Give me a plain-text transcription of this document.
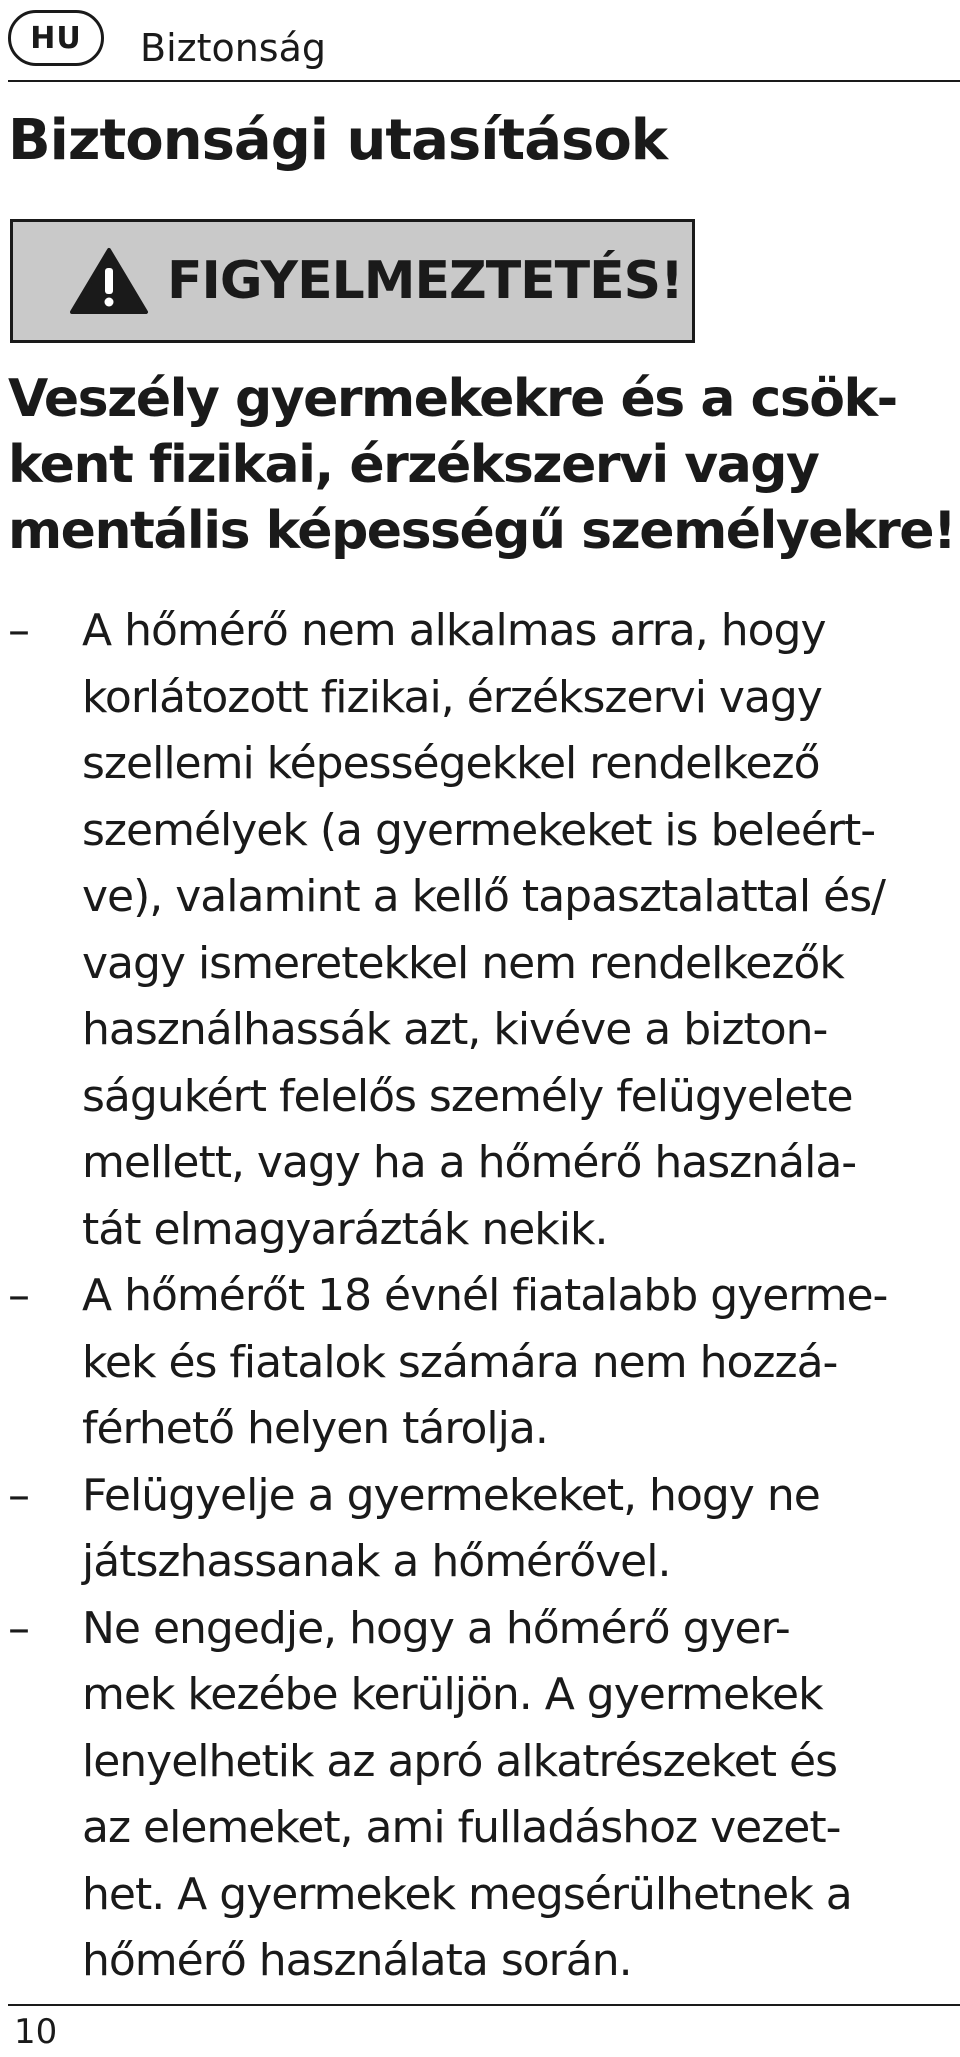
HU Biztonság
Biztonsági utasítások
FIGYELMEZTETÉS!
Veszély gyermekekre és a csök-
kent fizikai, érzékszervi vagy
mentális képességű személyekre!
–	A hőmérő nem alkalmas arra, hogy
korlátozott fizikai, érzékszervi vagy
szellemi képességekkel rendelkező
személyek (a gyermekeket is beleért-
ve), valamint a kellő tapasztalattal és/
vagy ismeretekkel nem rendelkezők
használhassák azt, kivéve a bizton-
ságukért felelős személy felügyelete
mellett, vagy ha a hőmérő használa-
tát elmagyarázták nekik.
–	A hőmérőt 18 évnél fiatalabb gyerme-
kek és fiatalok számára nem hozzá-
férhető helyen tárolja.
–	Felügyelje a gyermekeket, hogy ne
játszhassanak a hőmérővel.
–	Ne engedje, hogy a hőmérő gyer-
mek kezébe kerüljön. A gyermekek
lenyelhetik az apró alkatrészeket és
az elemeket, ami fulladáshoz vezet-
het. A gyermekek megsérülhetnek a
hőmérő használata során.
10
